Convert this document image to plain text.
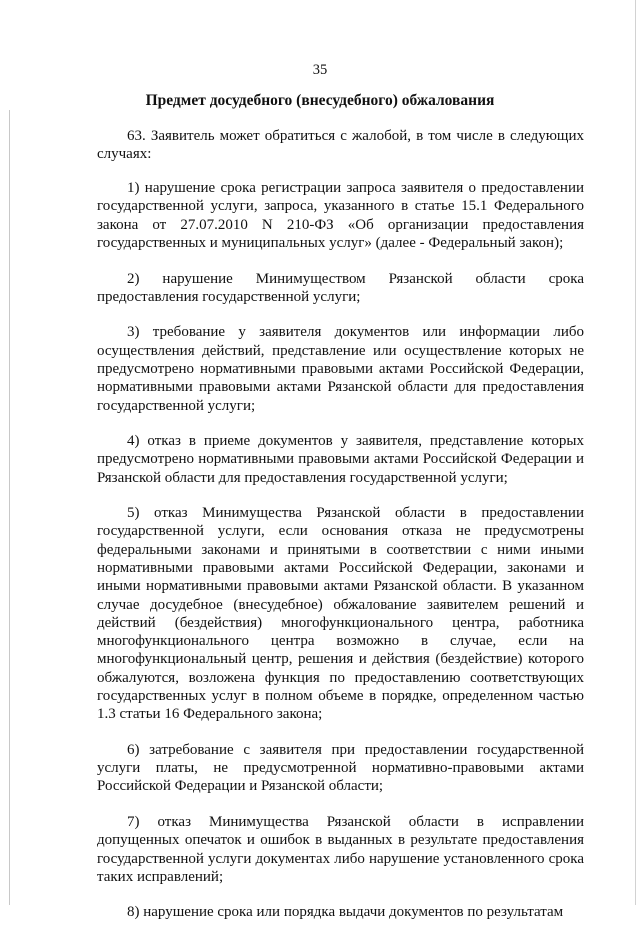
35
Предмет досудебного (внесудебного) обжалования

63. Заявитель может обратиться с жалобой, в том числе в следующих случаях:

1) нарушение срока регистрации запроса заявителя о предоставлении государственной услуги, запроса, указанного в статье 15.1 Федерального закона от 27.07.2010 N 210-ФЗ «Об организации предоставления государственных и муниципальных услуг» (далее - Федеральный закон);

2) нарушение Минимуществом Рязанской области срока предоставления государственной услуги;

3) требование у заявителя документов или информации либо осуществления действий, представление или осуществление которых не предусмотрено нормативными правовыми актами Российской Федерации, нормативными правовыми актами Рязанской области для предоставления государственной услуги;

4) отказ в приеме документов у заявителя, представление которых предусмотрено нормативными правовыми актами Российской Федерации и Рязанской области для предоставления государственной услуги;

5) отказ Минимущества Рязанской области в предоставлении государственной услуги, если основания отказа не предусмотрены федеральными законами и принятыми в соответствии с ними иными нормативными правовыми актами Российской Федерации, законами и иными нормативными правовыми актами Рязанской области. В указанном случае досудебное (внесудебное) обжалование заявителем решений и действий (бездействия) многофункционального центра, работника многофункционального центра возможно в случае, если на многофункциональный центр, решения и действия (бездействие) которого обжалуются, возложена функция по предоставлению соответствующих государственных услуг в полном объеме в порядке, определенном частью 1.3 статьи 16 Федерального закона;

6) затребование с заявителя при предоставлении государственной услуги платы, не предусмотренной нормативно-правовыми актами Российской Федерации и Рязанской области;

7) отказ Минимущества Рязанской области в исправлении допущенных опечаток и ошибок в выданных в результате предоставления государственной услуги документах либо нарушение установленного срока таких исправлений;

8) нарушение срока или порядка выдачи документов по результатам
